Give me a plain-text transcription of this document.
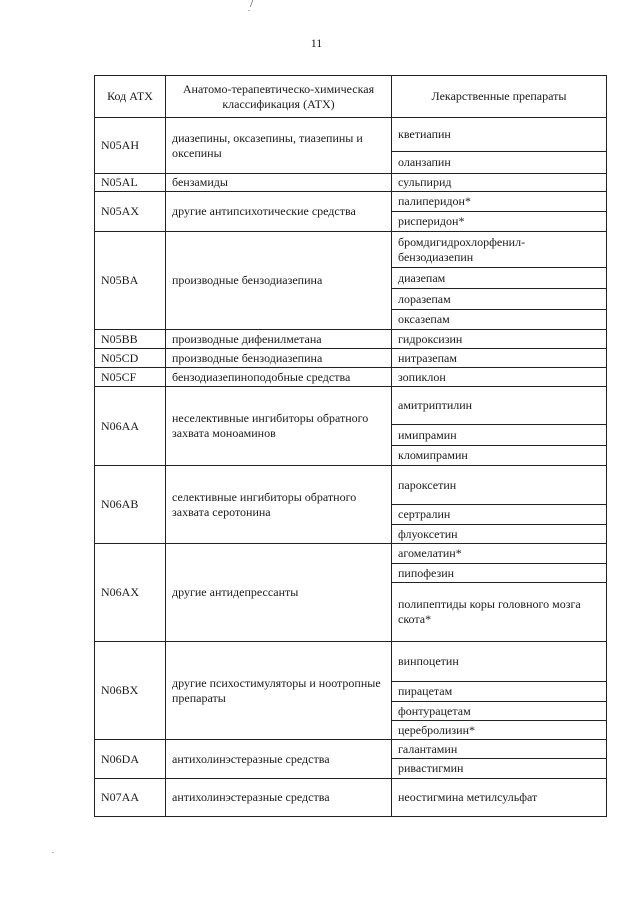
/
.
11
Код АТХ	Анатомо-терапевтическо-химическая классификация (АТХ)	Лекарственные препараты
N05AH	диазепины, оксазепины, тиазепины и оксепины	кветиапин
		оланзапин
N05AL	бензамиды	сульпирид
N05AX	другие антипсихотические средства	палиперидон*
		рисперидон*
N05BA	производные бензодиазепина	бромдигидрохлорфенил-бензодиазепин
		диазепам
		лоразепам
		оксазепам
N05BB	производные дифенилметана	гидроксизин
N05CD	производные бензодиазепина	нитразепам
N05CF	бензодиазепиноподобные средства	зопиклон
N06AA	неселективные ингибиторы обратного захвата моноаминов	амитриптилин
		имипрамин
		кломипрамин
N06AB	селективные ингибиторы обратного захвата серотонина	пароксетин
		сертралин
		флуоксетин
N06AX	другие антидепрессанты	агомелатин*
		пипофезин
		полипептиды коры головного мозга скота*
N06BX	другие психостимуляторы и ноотропные препараты	винпоцетин
		пирацетам
		фонтурацетам
		церебролизин*
N06DA	антихолинэстеразные средства	галантамин
		ривастигмин
N07AA	антихолинэстеразные средства	неостигмина метилсульфат
.
